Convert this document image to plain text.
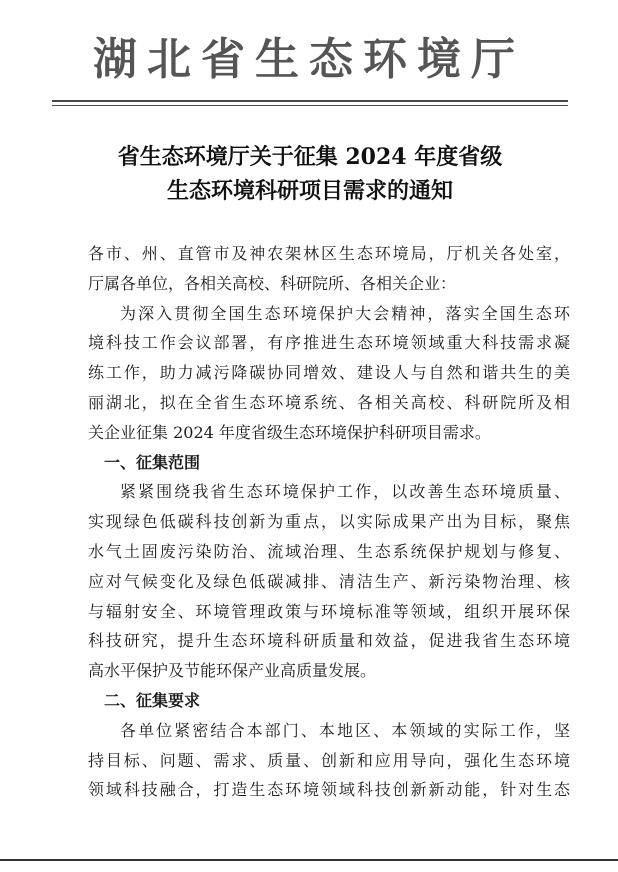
湖北省生态环境厅
省生态环境厅关于征集 2024 年度省级
生态环境科研项目需求的通知
各市、州、直管市及神农架林区生态环境局，厅机关各处室，
厅属各单位，各相关高校、科研院所、各相关企业：
为深入贯彻全国生态环境保护大会精神，落实全国生态环
境科技工作会议部署，有序推进生态环境领域重大科技需求凝
练工作，助力减污降碳协同增效、建设人与自然和谐共生的美
丽湖北，拟在全省生态环境系统、各相关高校、科研院所及相
关企业征集 2024 年度省级生态环境保护科研项目需求。
一、征集范围
紧紧围绕我省生态环境保护工作，以改善生态环境质量、
实现绿色低碳科技创新为重点，以实际成果产出为目标，聚焦
水气土固废污染防治、流域治理、生态系统保护规划与修复、
应对气候变化及绿色低碳减排、清洁生产、新污染物治理、核
与辐射安全、环境管理政策与环境标准等领域，组织开展环保
科技研究，提升生态环境科研质量和效益，促进我省生态环境
高水平保护及节能环保产业高质量发展。
二、征集要求
各单位紧密结合本部门、本地区、本领域的实际工作，坚
持目标、问题、需求、质量、创新和应用导向，强化生态环境
领域科技融合，打造生态环境领域科技创新新动能，针对生态
